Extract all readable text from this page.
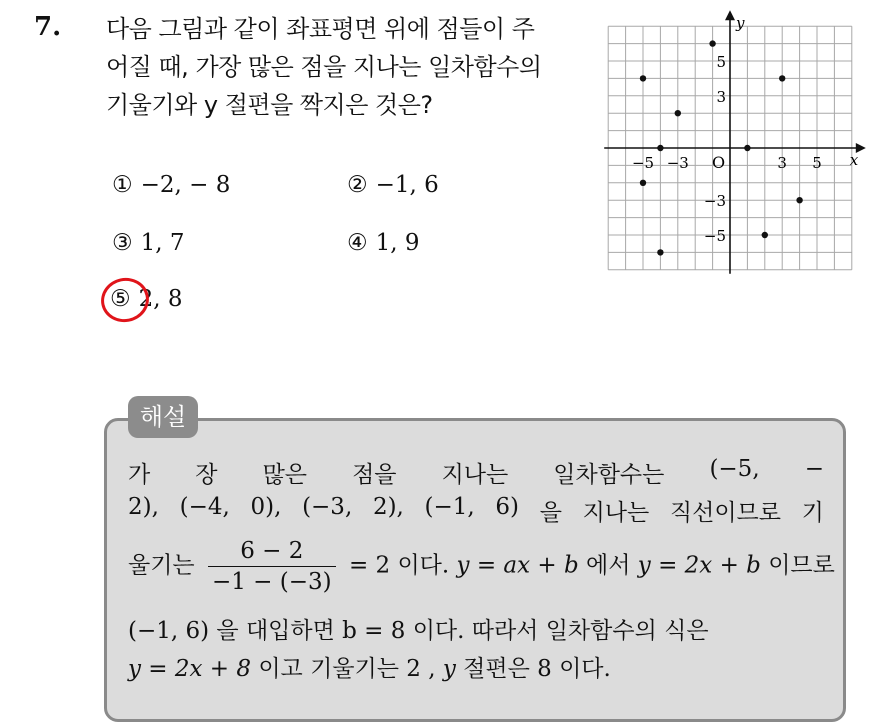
7. 다음 그림과 같이 좌표평면 위에 점들이 주
어질 때, 가장 많은 점을 지나는 일차함수의
기울기와 y 절편을 짝지은 것은?
① −2, − 8	② −1, 6
③ 1, 7	④ 1, 9
⑤ 2, 8
x
y
O
−5 −3	3 5
5
3
−3
−5
해설
가 장 많은 점을 지나는 일차함수는 (−5, −
2), (−4, 0), (−3, 2), (−1, 6) 을 지나는 직선이므로 기
울기는 $\frac{6 - 2}{-1 - (-3)} = 2$ 이다. y = ax + b 에서 y = 2x + b 이므로
(−1, 6) 을 대입하면 b = 8 이다. 따라서 일차함수의 식은
y = 2x + 8 이고 기울기는 2 , y 절편은 8 이다.
